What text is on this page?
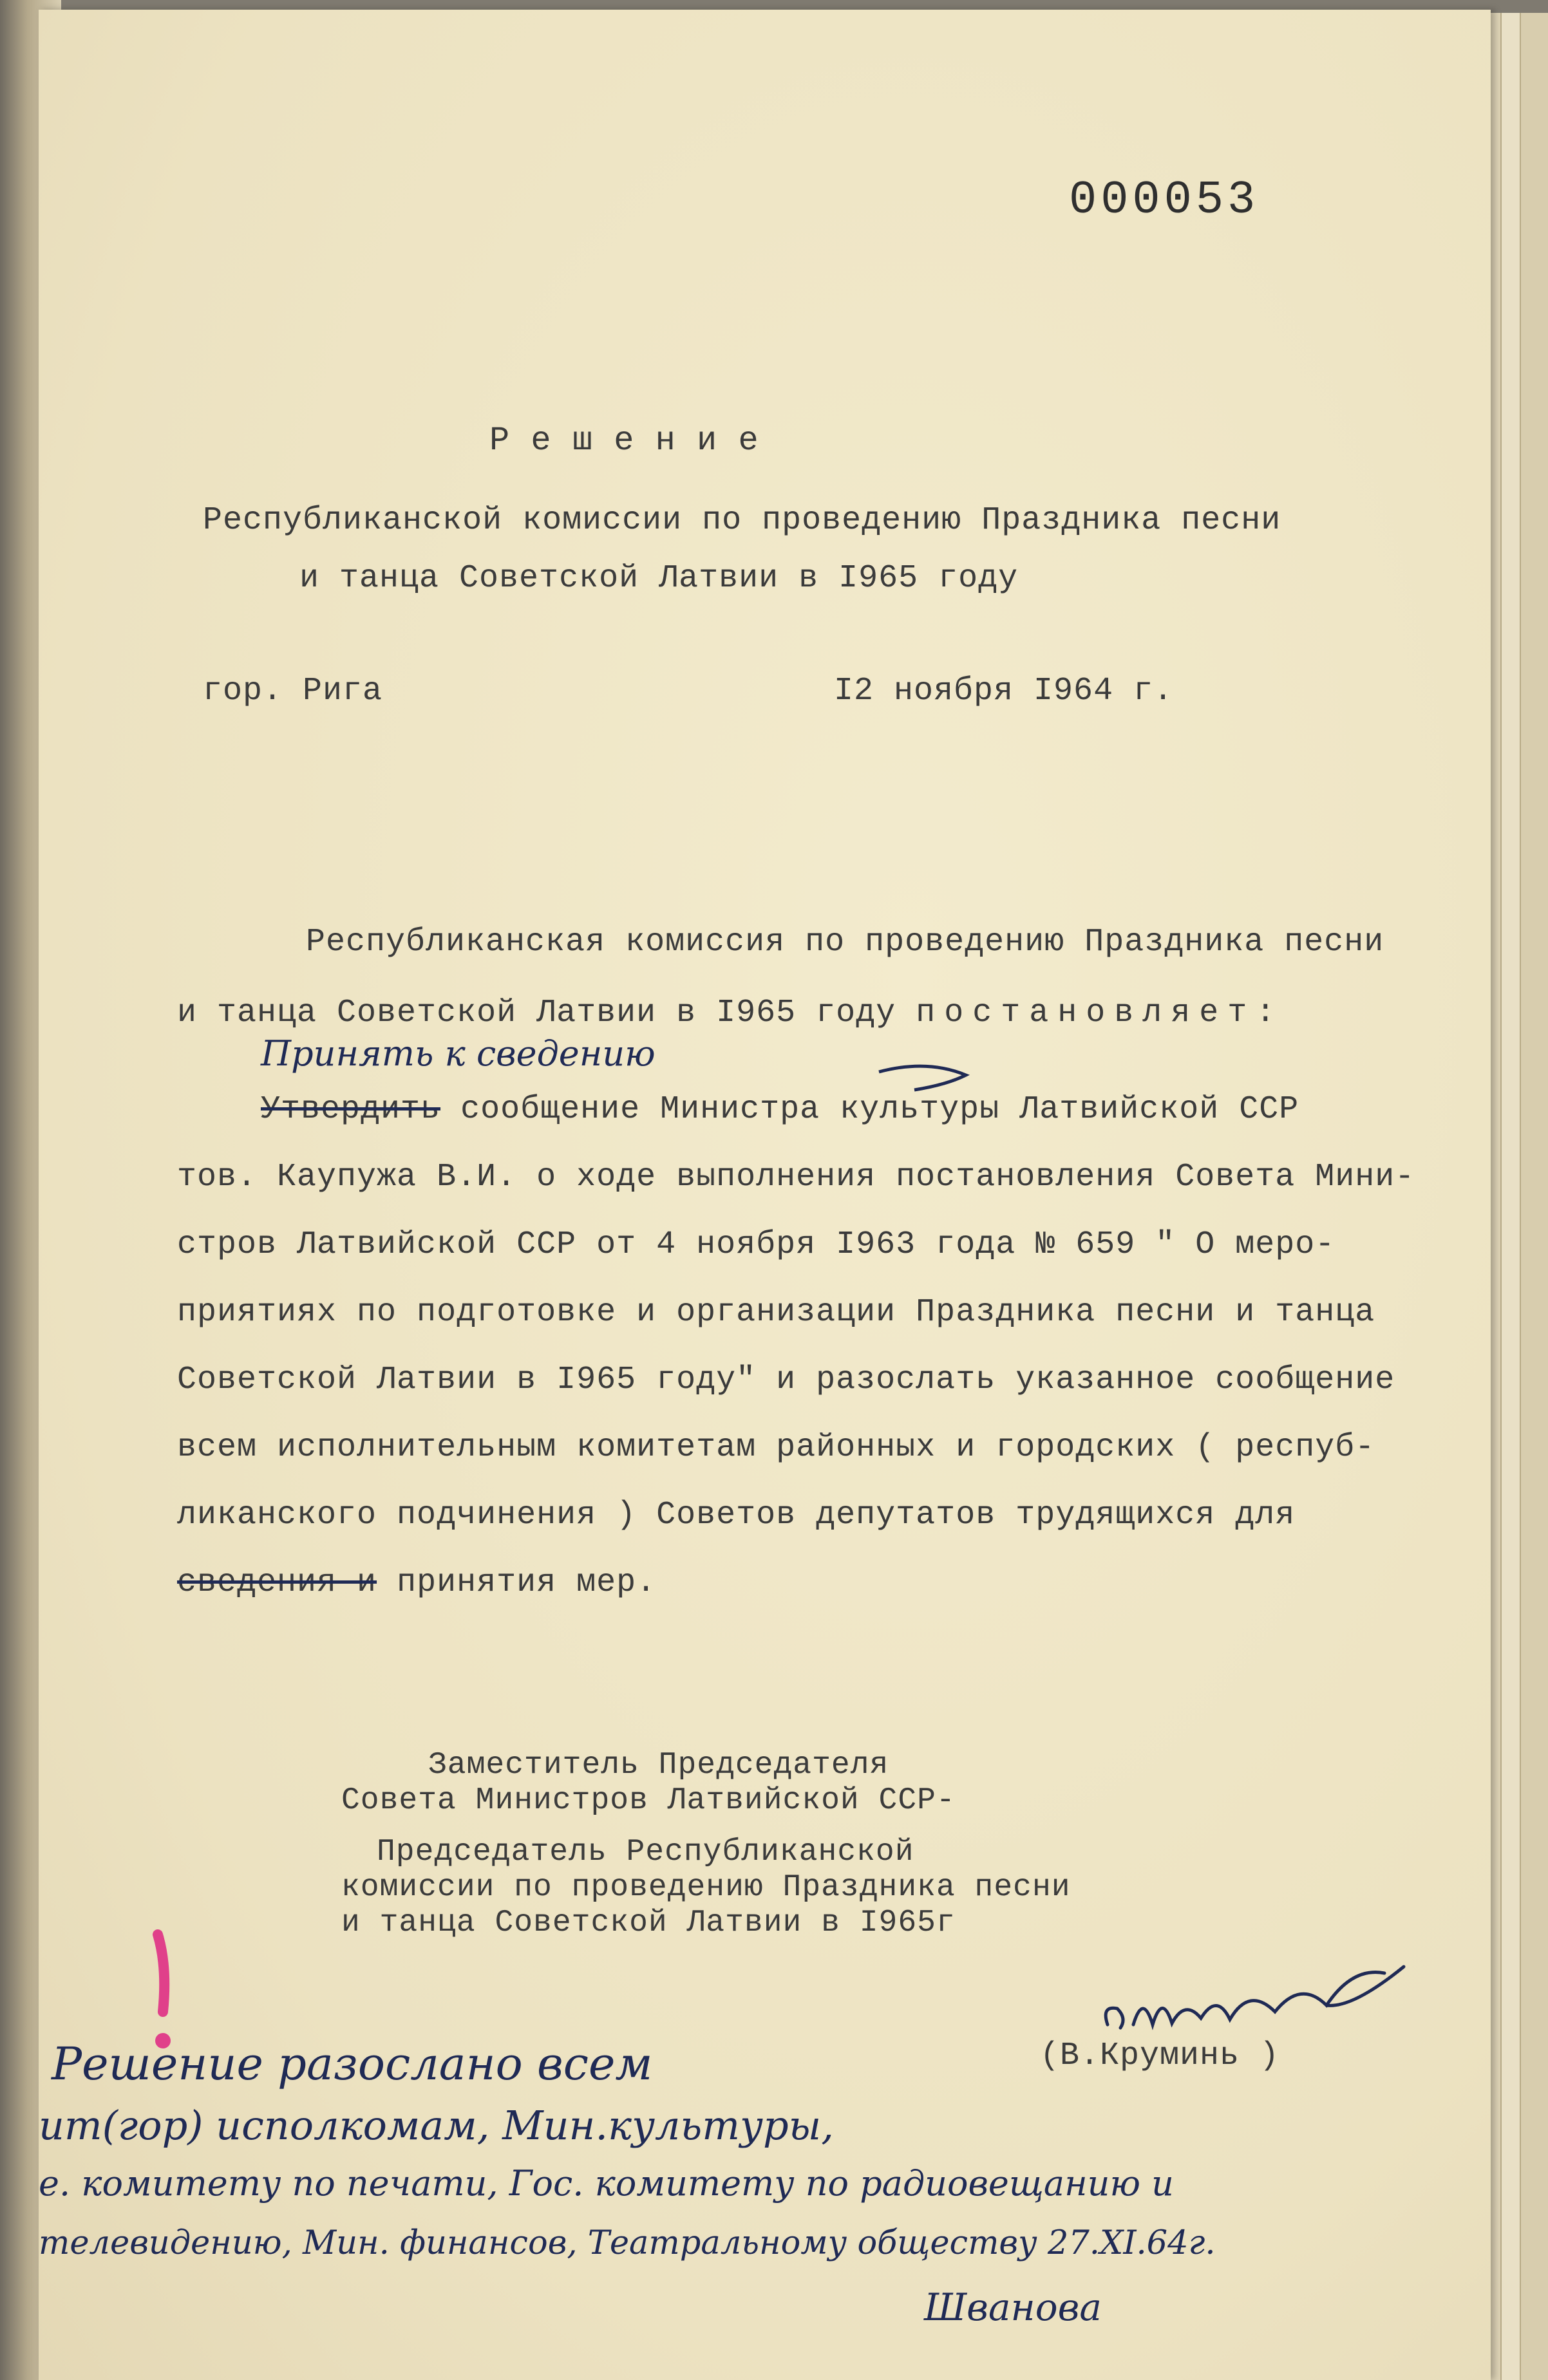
000053
Р е ш е н и е
Республиканской комиссии по проведению Праздника песни
и танца Советской Латвии в I965 году
гор. Рига	I2 ноября I964 г.
Республиканская комиссия по проведению Праздника песни
и танца Советской Латвии в I965 году постановляет:
Принять к сведению
Утвердить сообщение Министра культуры Латвийской ССР
тов. Каупужа В.И. о ходе выполнения постановления Совета Мини-
стров Латвийской ССР от 4 ноября I963 года № 659 " О меро-
приятиях по подготовке и организации Праздника песни и танца
Советской Латвии в I965 году" и разослать указанное сообщение
всем исполнительным комитетам районных и городских ( респуб-
ликанского подчинения ) Советов депутатов трудящихся для
сведения и принятия мер.
Заместитель Председателя
Совета Министров Латвийской ССР-
Председатель Республиканской
комиссии по проведению Праздника песни
и танца Советской Латвии в I965г
(В.Круминь )
Решение разослано всем
ит(гор) исполкомам, Мин.культуры,
е. комитету по печати, Гос. комитету по радиовещанию и
телевидению, Мин. финансов, Театральному обществу 27.XI.64г.
Шванова
